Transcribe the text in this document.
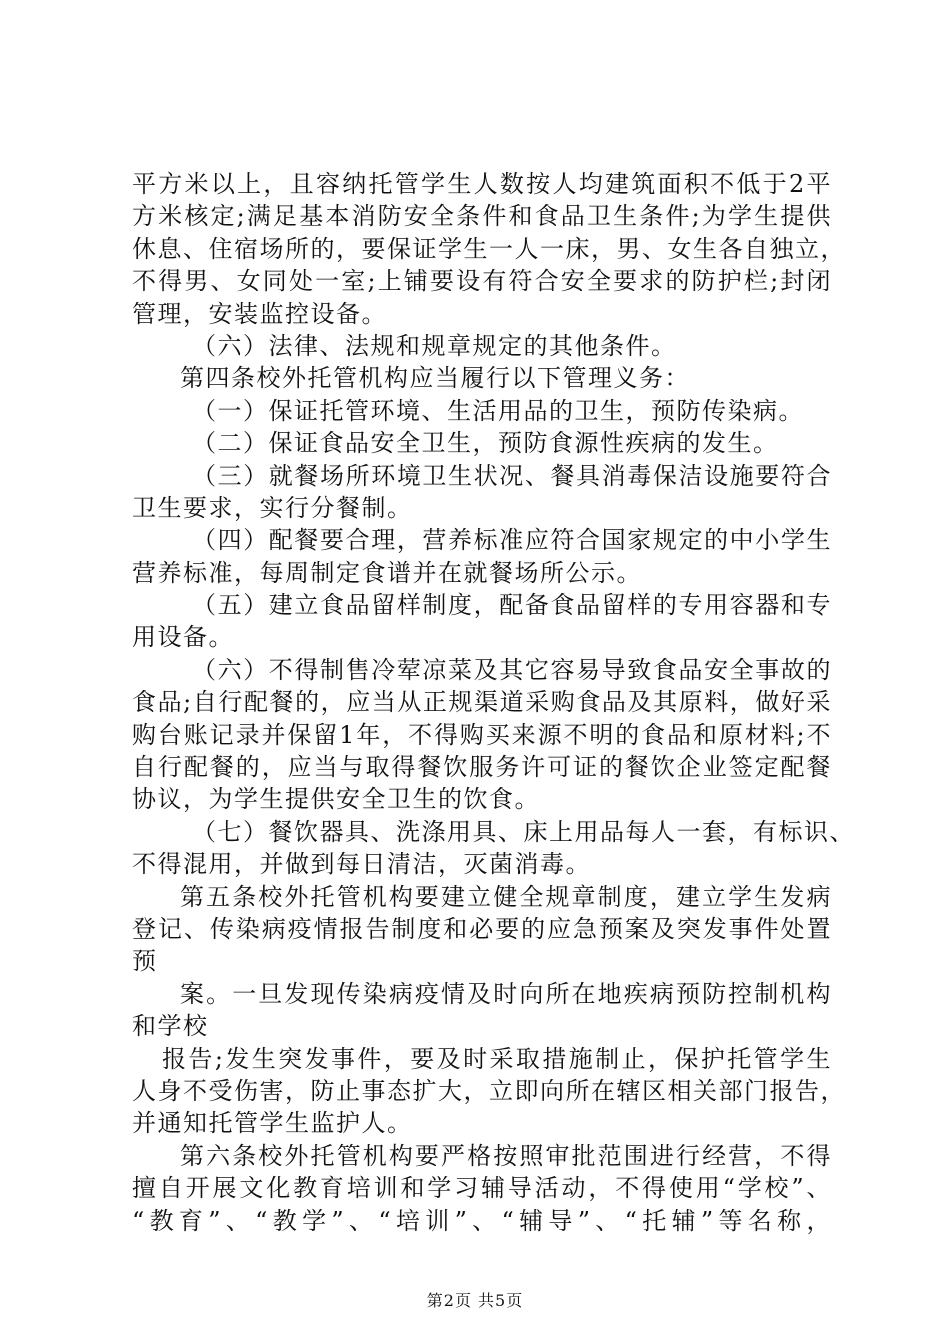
平方米以上，且容纳托管学生人数按人均建筑面积不低于2平
方米核定;满足基本消防安全条件和食品卫生条件;为学生提供
休息、住宿场所的，要保证学生一人一床，男、女生各自独立，
不得男、女同处一室;上铺要设有符合安全要求的防护栏;封闭
管理，安装监控设备。
（六）法律、法规和规章规定的其他条件。
第四条校外托管机构应当履行以下管理义务：
（一）保证托管环境、生活用品的卫生，预防传染病。
（二）保证食品安全卫生，预防食源性疾病的发生。
（三）就餐场所环境卫生状况、餐具消毒保洁设施要符合
卫生要求，实行分餐制。
（四）配餐要合理，营养标准应符合国家规定的中小学生
营养标准，每周制定食谱并在就餐场所公示。
（五）建立食品留样制度，配备食品留样的专用容器和专
用设备。
（六）不得制售冷荤凉菜及其它容易导致食品安全事故的
食品;自行配餐的，应当从正规渠道采购食品及其原料，做好采
购台账记录并保留1年，不得购买来源不明的食品和原材料;不
自行配餐的，应当与取得餐饮服务许可证的餐饮企业签定配餐
协议，为学生提供安全卫生的饮食。
（七）餐饮器具、洗涤用具、床上用品每人一套，有标识、
不得混用，并做到每日清洁，灭菌消毒。
第五条校外托管机构要建立健全规章制度，建立学生发病
登记、传染病疫情报告制度和必要的应急预案及突发事件处置
预
案。一旦发现传染病疫情及时向所在地疾病预防控制机构
和学校
报告;发生突发事件，要及时采取措施制止，保护托管学生
人身不受伤害，防止事态扩大，立即向所在辖区相关部门报告，
并通知托管学生监护人。
第六条校外托管机构要严格按照审批范围进行经营，不得
擅自开展文化教育培训和学习辅导活动，不得使用“学校”、
“教育”、“教学”、“培训”、“辅导”、“托辅”等名称，
第2页 共5页
